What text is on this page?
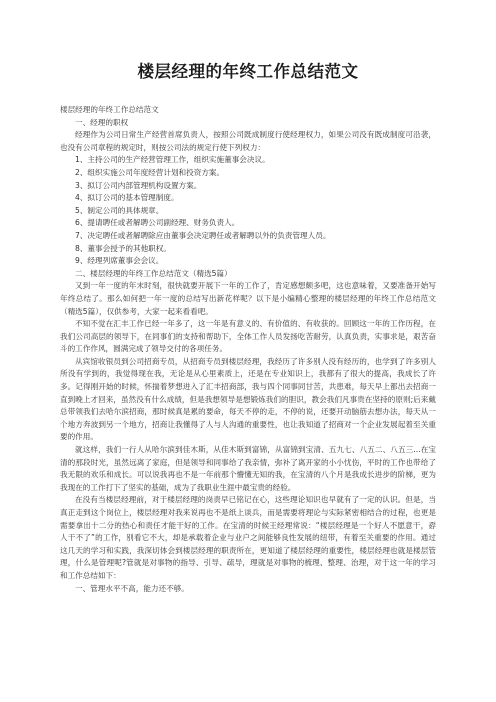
楼层经理的年终工作总结范文

楼层经理的年终工作总结范文

一、经理的职权

经理作为公司日常生产经营首席负责人，按照公司既成制度行使经理权力，如果公司没有既成制度可沿袭，也没有公司章程的规定时，则按公司法的规定行使下列权力：

1、主持公司的生产经营管理工作，组织实施董事会决议。

2、组织实施公司年度经营计划和投资方案。

3、拟订公司内部管理机构设置方案。

4、拟订公司的基本管理制度。

5、制定公司的具体规章。

6、提请聘任或者解聘公司副经理、财务负责人。

7、决定聘任或者解聘除应由董事会决定聘任或者解聘以外的负责管理人员。

8、董事会授予的其他职权。

9、经理列席董事会会议。

二、楼层经理的年终工作总结范文（精选5篇）

又到一年一度的年末时刻，很快就要开展下一年的工作了，肯定感想颇多吧，这也意味着，又要准备开始写年终总结了。那么如何把一年一度的总结写出新花样呢？以下是小编精心整理的楼层经理的年终工作总结范文（精选5篇），仅供参考，大家一起来看看吧。

不知不觉在汇丰工作已经一年多了，这一年是有意义的、有价值的、有收获的。回顾这一年的工作历程，在我们公司高层的领导下，在同事们的支持和帮助下，全体工作人员发扬吃苦耐劳，认真负责，实事求是，艰苦奋斗的工作作风，圆满完成了领导交付的各项任务。

从宾馆收银员到公司招商专员，从招商专员到楼层经理，我经历了许多别人没有经历的，也学到了许多别人所没有学到的，我觉得现在我，无论是从心里素质上，还是在专业知识上，我都有了很大的提高，我成长了许多。记得刚开始的时候，怀揣着梦想进入了汇丰招商部，我与四个同事同甘苦，共患难，每天早上都出去招商一直到晚上才回来，虽然没有什么成绩，但是我想领导是想锻炼我们的胆识，教会我们凡事贵在坚持的原则;后来戴总带领我们去哈尔滨招商，那时候真是累的要命，每天不停的走，不停的说，还要开动脑筋去想办法，每天从一个地方奔波到另一个地方，招商让我懂得了人与人沟通的重要性，也让我知道了招商对一个企业发展起着至关重要的作用。

就这样，我们一行人从哈尔滨到佳木斯，从佳木斯到富锦，从富锦到宝清、五九七、八五二、八五三...在宝清的那段时光，虽然远离了家庭，但是领导和同事给了我亲情，弥补了离开家的小小忧伤，平时的工作也带给了我无限的欢乐和成长。可以说我再也不是一年前那个懵懂无知的我，在宝清的八个月是我成长进步的阶梯，更为我现在的工作打下了坚实的基础，成为了我职业生涯中最宝贵的经验。

在没有当楼层经理前，对于楼层经理的岗责早已铭记在心，这些理论知识也早就有了一定的认识。但是，当真正走到这个岗位上，楼层经理对我来说再也不是纸上谈兵，而是需要将理论与实际紧密相结合的过程，也更是需要拿出十二分的热心和责任才能干好的工作。在宝清的时候王经理常说：“楼层经理是一个好人不愿意干，孬人干不了”的工作，别看它不大，却是承载着企业与业户之间能够良性发展的纽带，有着至关重要的作用。通过这几天的学习和实践，我深切体会到楼层经理的职责所在，更知道了楼层经理的重要性，楼层经理也就是楼层管理，什么是管理呢?管就是对事物的指导、引导、疏导，理就是对事物的梳理、整理、治理，对于这一年的学习和工作总结如下：

一、管理水平不高，能力还不够。
